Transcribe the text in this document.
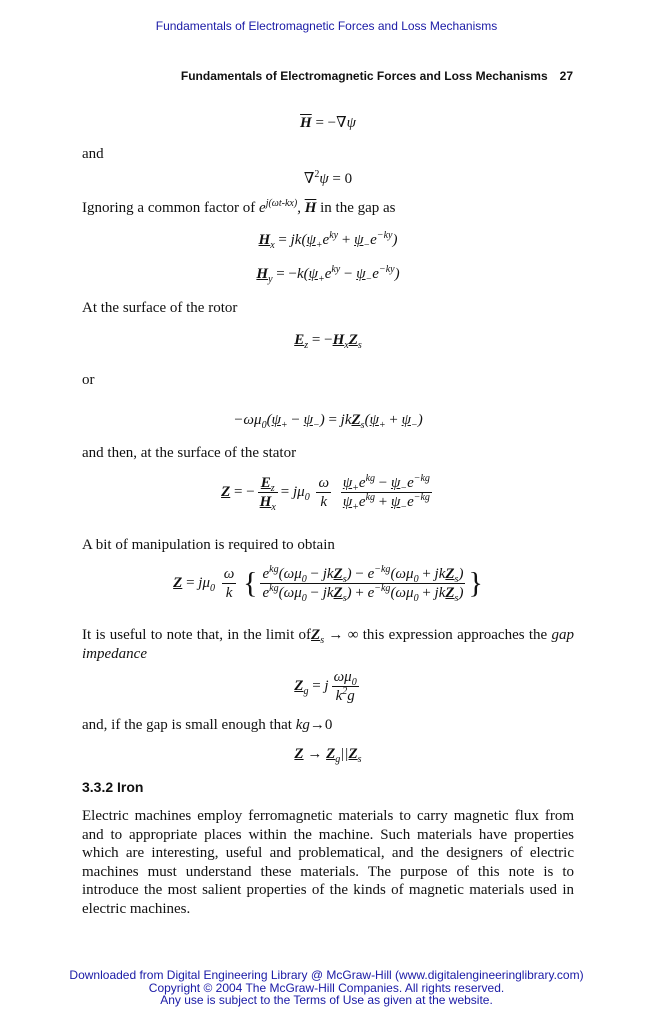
Fundamentals of Electromagnetic Forces and Loss Mechanisms
Fundamentals of Electromagnetic Forces and Loss Mechanisms 27
$\overline{H} = -\nabla\psi$
and
∇$^2$ψ = 0
Ignoring a common factor of $e^{j(\omega t-kx)}$, $\overline{H}$ in the gap as
$H_x = jk(\psi_+e^{ky} + \psi_-e^{-ky})$
$H_y = -k(\psi_+e^{ky} - \psi_-e^{-ky})$
At the surface of the rotor
$E_z = -H_xZ_s$
or
$-\omega\mu_0(\psi_+ - \psi_-) = jkZ_s(\psi_+ + \psi_-)$
and then, at the surface of the stator
Z = − $\frac{E_z}{H_x} = j\mu_0 \frac{\omega}{k}$
$\frac{\psi_+e^{kg} - \psi_-e^{-kg}}{\psi_+e^{kg} + \psi_-e^{-kg}}$
A bit of manipulation is required to obtain
$Z = j\mu_0 \frac{\omega}{k}$ { $\frac{e^{kg}(\omega\mu_0 - jkZ_s) - e^{-kg}(\omega\mu_0 + jkZ_s)}{e^{kg}(\omega\mu_0 - jkZ_s) + e^{-kg}(\omega\mu_0 + jkZ_s)}$ }
It is useful to note that, in the limit ofZ$_s$ → ∞ this expression approaches the gap impedance
$Z_g = j \frac{\omega\mu_0}{k^2g}$
and, if the gap is small enough that kg→0
$Z \to Z_g||Z_s$
3.3.2 Iron
Electric machines employ ferromagnetic materials to carry magnetic flux from and to appropriate places within the machine. Such materials have properties which are interesting, useful and problematical, and the designers of electric machines must understand these materials. The purpose of this note is to introduce the most salient properties of the kinds of magnetic materials used in electric machines.
Downloaded from Digital Engineering Library @ McGraw-Hill (www.digitalengineeringlibrary.com)
Copyright © 2004 The McGraw-Hill Companies. All rights reserved.
Any use is subject to the Terms of Use as given at the website.
